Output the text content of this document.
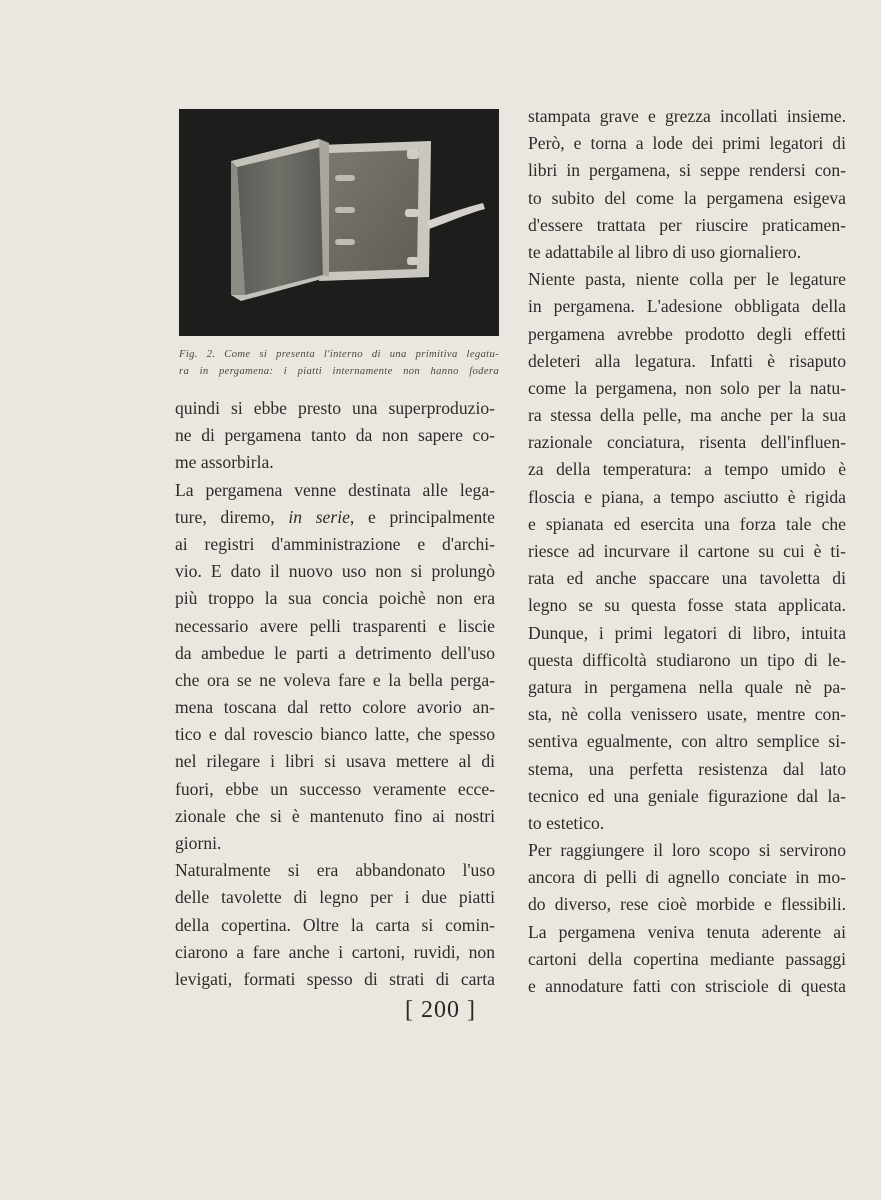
Fig. 2. Come si presenta l'interno di una primitiva legatu-
ra in pergamena: i piatti internamente non hanno fodera
quindi si ebbe presto una superproduzio-
ne di pergamena tanto da non sapere co-
me assorbirla.
La pergamena venne destinata alle lega-
ture, diremo, in serie, e principalmente
ai registri d'amministrazione e d'archi-
vio. E dato il nuovo uso non si prolungò
più troppo la sua concia poichè non era
necessario avere pelli trasparenti e liscie
da ambedue le parti a detrimento dell'uso
che ora se ne voleva fare e la bella perga-
mena toscana dal retto colore avorio an-
tico e dal rovescio bianco latte, che spesso
nel rilegare i libri si usava mettere al di
fuori, ebbe un successo veramente ecce-
zionale che si è mantenuto fino ai nostri
giorni.
Naturalmente si era abbandonato l'uso
delle tavolette di legno per i due piatti
della copertina. Oltre la carta si comin-
ciarono a fare anche i cartoni, ruvidi, non
levigati, formati spesso di strati di carta
stampata grave e grezza incollati insieme.
Però, e torna a lode dei primi legatori di
libri in pergamena, si seppe rendersi con-
to subito del come la pergamena esigeva
d'essere trattata per riuscire praticamen-
te adattabile al libro di uso giornaliero.
Niente pasta, niente colla per le legature
in pergamena. L'adesione obbligata della
pergamena avrebbe prodotto degli effetti
deleteri alla legatura. Infatti è risaputo
come la pergamena, non solo per la natu-
ra stessa della pelle, ma anche per la sua
razionale conciatura, risenta dell'influen-
za della temperatura: a tempo umido è
floscia e piana, a tempo asciutto è rigida
e spianata ed esercita una forza tale che
riesce ad incurvare il cartone su cui è ti-
rata ed anche spaccare una tavoletta di
legno se su questa fosse stata applicata.
Dunque, i primi legatori di libro, intuita
questa difficoltà studiarono un tipo di le-
gatura in pergamena nella quale nè pa-
sta, nè colla venissero usate, mentre con-
sentiva egualmente, con altro semplice si-
stema, una perfetta resistenza dal lato
tecnico ed una geniale figurazione dal la-
to estetico.
Per raggiungere il loro scopo si servirono
ancora di pelli di agnello conciate in mo-
do diverso, rese cioè morbide e flessibili.
La pergamena veniva tenuta aderente ai
cartoni della copertina mediante passaggi
e annodature fatti con strisciole di questa
[ 200 ]
